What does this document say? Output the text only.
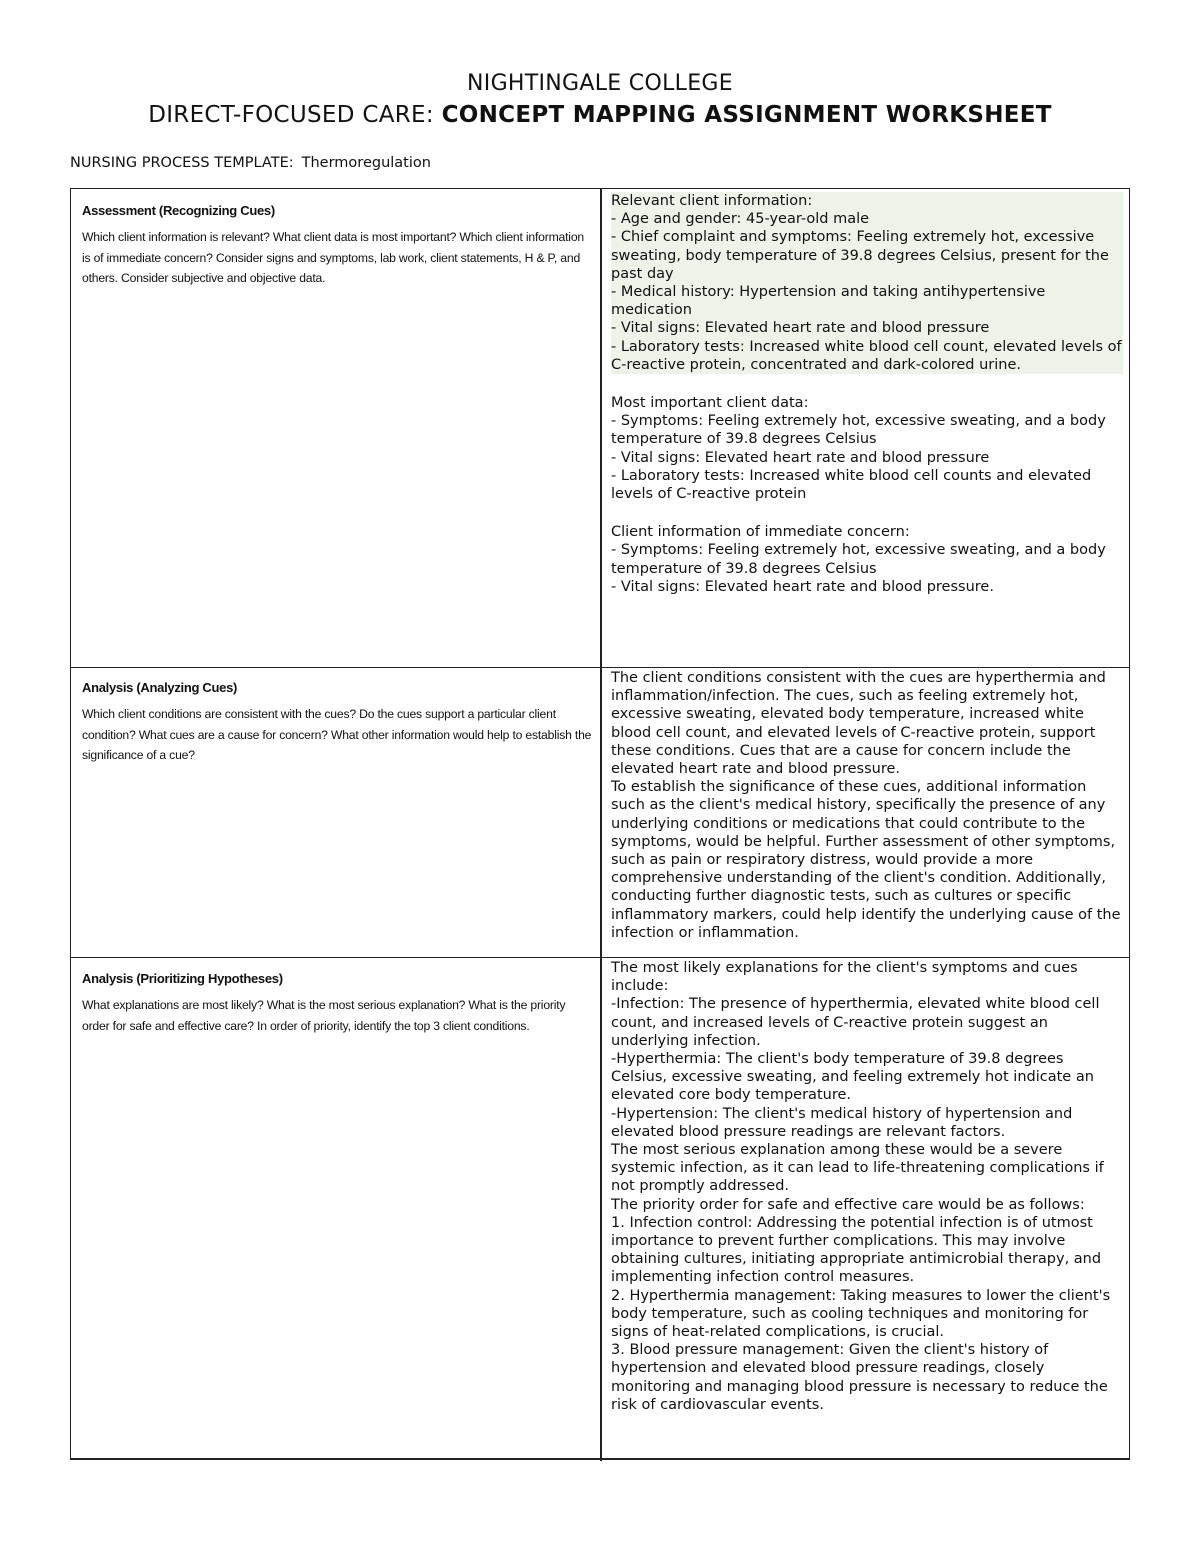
NIGHTINGALE COLLEGE
DIRECT-FOCUSED CARE: CONCEPT MAPPING ASSIGNMENT WORKSHEET
NURSING PROCESS TEMPLATE: Thermoregulation
Assessment (Recognizing Cues)
Which client information is relevant? What client data is most important? Which client information is of immediate concern? Consider signs and symptoms, lab work, client statements, H & P, and others. Consider subjective and objective data.

Relevant client information:

- Age and gender: 45-year-old male

- Chief complaint and symptoms: Feeling extremely hot, excessive sweating, body temperature of 39.8 degrees Celsius, present for the past day

- Medical history: Hypertension and taking antihypertensive medication

- Vital signs: Elevated heart rate and blood pressure

- Laboratory tests: Increased white blood cell count, elevated levels of C-reactive protein, concentrated and dark-colored urine.

Most important client data:

- Symptoms: Feeling extremely hot, excessive sweating, and a body temperature of 39.8 degrees Celsius

- Vital signs: Elevated heart rate and blood pressure

- Laboratory tests: Increased white blood cell counts and elevated levels of C-reactive protein

Client information of immediate concern:

- Symptoms: Feeling extremely hot, excessive sweating, and a body temperature of 39.8 degrees Celsius

- Vital signs: Elevated heart rate and blood pressure.

Analysis (Analyzing Cues)
Which client conditions are consistent with the cues? Do the cues support a particular client condition? What cues are a cause for concern? What other information would help to establish the significance of a cue?

The client conditions consistent with the cues are hyperthermia and inflammation/infection. The cues, such as feeling extremely hot, excessive sweating, elevated body temperature, increased white blood cell count, and elevated levels of C-reactive protein, support these conditions. Cues that are a cause for concern include the elevated heart rate and blood pressure.

To establish the significance of these cues, additional information such as the client's medical history, specifically the presence of any underlying conditions or medications that could contribute to the symptoms, would be helpful. Further assessment of other symptoms, such as pain or respiratory distress, would provide a more comprehensive understanding of the client's condition. Additionally, conducting further diagnostic tests, such as cultures or specific inflammatory markers, could help identify the underlying cause of the infection or inflammation.

Analysis (Prioritizing Hypotheses)
What explanations are most likely? What is the most serious explanation? What is the priority order for safe and effective care? In order of priority, identify the top 3 client conditions.

The most likely explanations for the client's symptoms and cues include:

-Infection: The presence of hyperthermia, elevated white blood cell count, and increased levels of C-reactive protein suggest an underlying infection.

-Hyperthermia: The client's body temperature of 39.8 degrees Celsius, excessive sweating, and feeling extremely hot indicate an elevated core body temperature.

-Hypertension: The client's medical history of hypertension and elevated blood pressure readings are relevant factors.

The most serious explanation among these would be a severe systemic infection, as it can lead to life-threatening complications if not promptly addressed.

The priority order for safe and effective care would be as follows:

1. Infection control: Addressing the potential infection is of utmost importance to prevent further complications. This may involve obtaining cultures, initiating appropriate antimicrobial therapy, and implementing infection control measures.

2. Hyperthermia management: Taking measures to lower the client's body temperature, such as cooling techniques and monitoring for signs of heat-related complications, is crucial.

3. Blood pressure management: Given the client's history of hypertension and elevated blood pressure readings, closely monitoring and managing blood pressure is necessary to reduce the risk of cardiovascular events.
